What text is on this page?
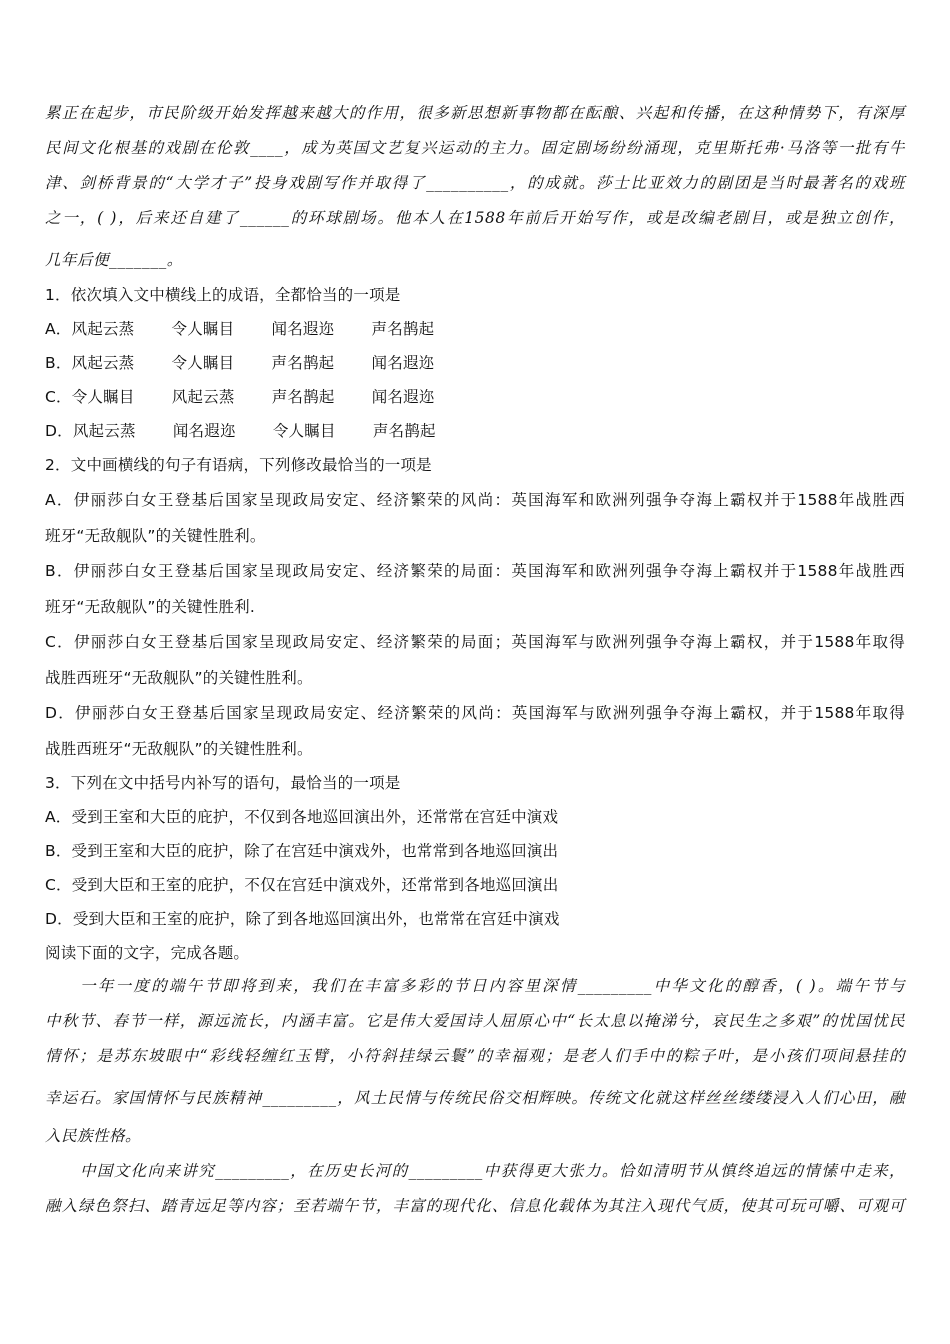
累正在起步，市民阶级开始发挥越来越大的作用，很多新思想新事物都在酝酿、兴起和传播，在这种情势下，有深厚
民间文化根基的戏剧在伦敦____，成为英国文艺复兴运动的主力。固定剧场纷纷涌现，克里斯托弗·马洛等一批有牛
津、剑桥背景的“大学才子”投身戏剧写作并取得了__________，的成就。莎士比亚效力的剧团是当时最著名的戏班
之一，( )，后来还自建了______的环球剧场。他本人在1588年前后开始写作，或是改编老剧目，或是独立创作，
几年后便_______。
1．依次填入文中横线上的成语，全都恰当的一项是
A．风起云蒸 令人瞩目 闻名遐迩 声名鹊起
B．风起云蒸 令人瞩目 声名鹊起 闻名遐迩
C．令人瞩目 风起云蒸 声名鹊起 闻名遐迩
D．风起云蒸 闻名遐迩 令人瞩目 声名鹊起
2．文中画横线的句子有语病，下列修改最恰当的一项是
A．伊丽莎白女王登基后国家呈现政局安定、经济繁荣的风尚：英国海军和欧洲列强争夺海上霸权并于1588年战胜西
班牙“无敌舰队”的关键性胜利。
B．伊丽莎白女王登基后国家呈现政局安定、经济繁荣的局面：英国海军和欧洲列强争夺海上霸权并于1588年战胜西
班牙“无敌舰队”的关键性胜利.
C．伊丽莎白女王登基后国家呈现政局安定、经济繁荣的局面；英国海军与欧洲列强争夺海上霸权，并于1588年取得
战胜西班牙“无敌舰队”的关键性胜利。
D．伊丽莎白女王登基后国家呈现政局安定、经济繁荣的风尚：英国海军与欧洲列强争夺海上霸权，并于1588年取得
战胜西班牙“无敌舰队”的关键性胜利。
3．下列在文中括号内补写的语句，最恰当的一项是
A．受到王室和大臣的庇护，不仅到各地巡回演出外，还常常在宫廷中演戏
B．受到王室和大臣的庇护，除了在宫廷中演戏外，也常常到各地巡回演出
C．受到大臣和王室的庇护，不仅在宫廷中演戏外，还常常到各地巡回演出
D．受到大臣和王室的庇护，除了到各地巡回演出外，也常常在宫廷中演戏
阅读下面的文字，完成各题。
一年一度的端午节即将到来，我们在丰富多彩的节日内容里深情_________中华文化的醇香，( )。端午节与
中秋节、春节一样，源远流长，内涵丰富。它是伟大爱国诗人屈原心中“长太息以掩涕兮，哀民生之多艰”的忧国忧民
情怀；是苏东坡眼中“彩线轻缠红玉臂，小符斜挂绿云鬟”的幸福观；是老人们手中的粽子叶，是小孩们项间悬挂的
幸运石。家国情怀与民族精神_________，风土民情与传统民俗交相辉映。传统文化就这样丝丝缕缕浸入人们心田，融
入民族性格。
中国文化向来讲究_________，在历史长河的_________中获得更大张力。恰如清明节从慎终追远的情愫中走来，
融入绿色祭扫、踏青远足等内容；至若端午节，丰富的现代化、信息化载体为其注入现代气质，使其可玩可嚼、可观可
